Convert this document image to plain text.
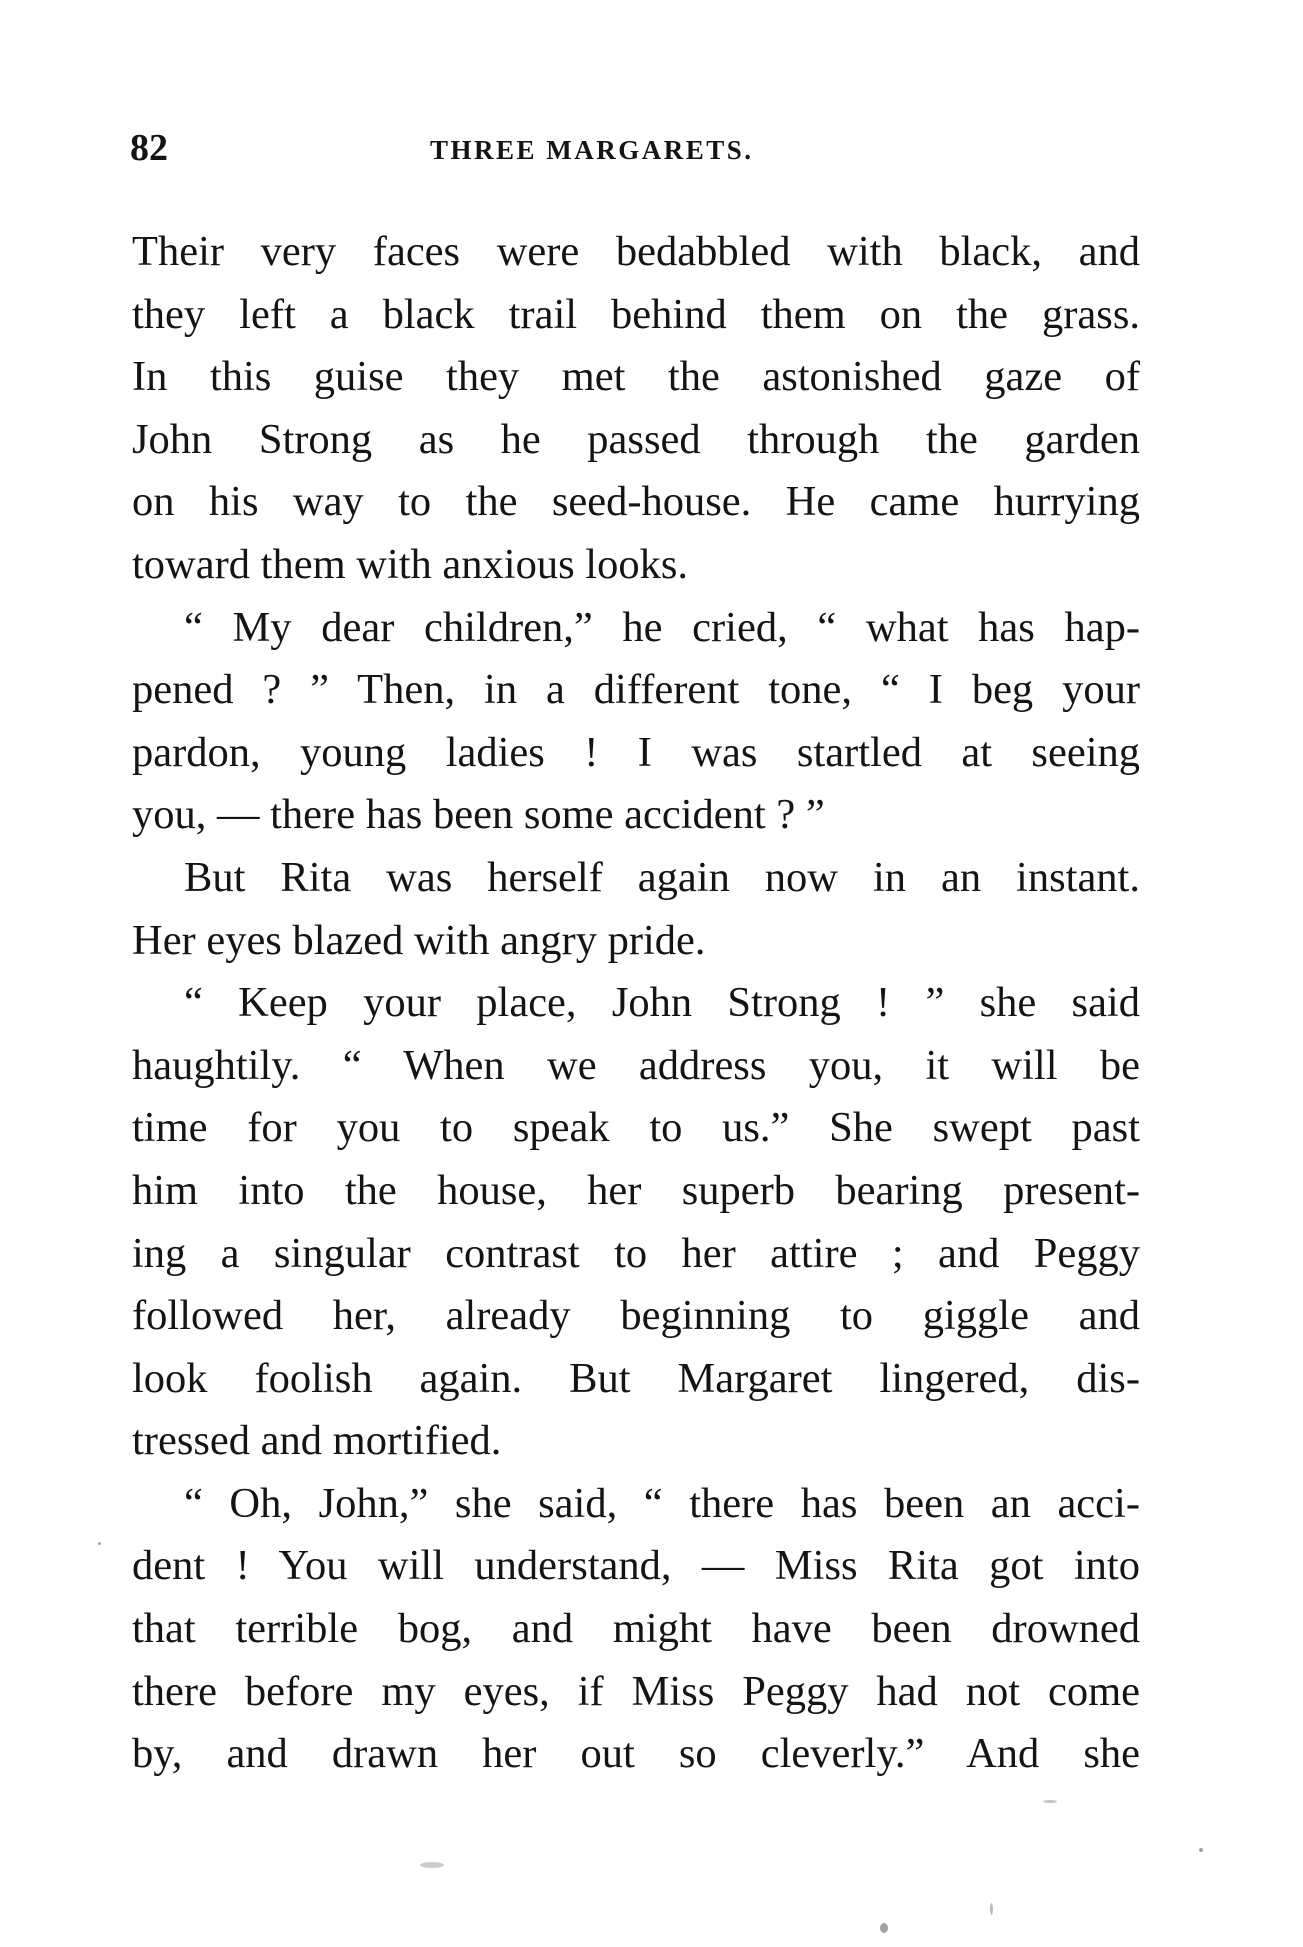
82	THREE MARGARETS.
Their very faces were bedabbled with black, and
they left a black trail behind them on the grass.
In this guise they met the astonished gaze of
John Strong as he passed through the garden
on his way to the seed-house. He came hurrying
toward them with anxious looks.
“ My dear children,” he cried, “ what has hap-
pened ? ” Then, in a different tone, “ I beg your
pardon, young ladies ! I was startled at seeing
you, — there has been some accident ? ”
But Rita was herself again now in an instant.
Her eyes blazed with angry pride.
“ Keep your place, John Strong ! ” she said
haughtily. “ When we address you, it will be
time for you to speak to us.” She swept past
him into the house, her superb bearing present-
ing a singular contrast to her attire ; and Peggy
followed her, already beginning to giggle and
look foolish again. But Margaret lingered, dis-
tressed and mortified.
“ Oh, John,” she said, “ there has been an acci-
dent ! You will understand, — Miss Rita got into
that terrible bog, and might have been drowned
there before my eyes, if Miss Peggy had not come
by, and drawn her out so cleverly.” And she
